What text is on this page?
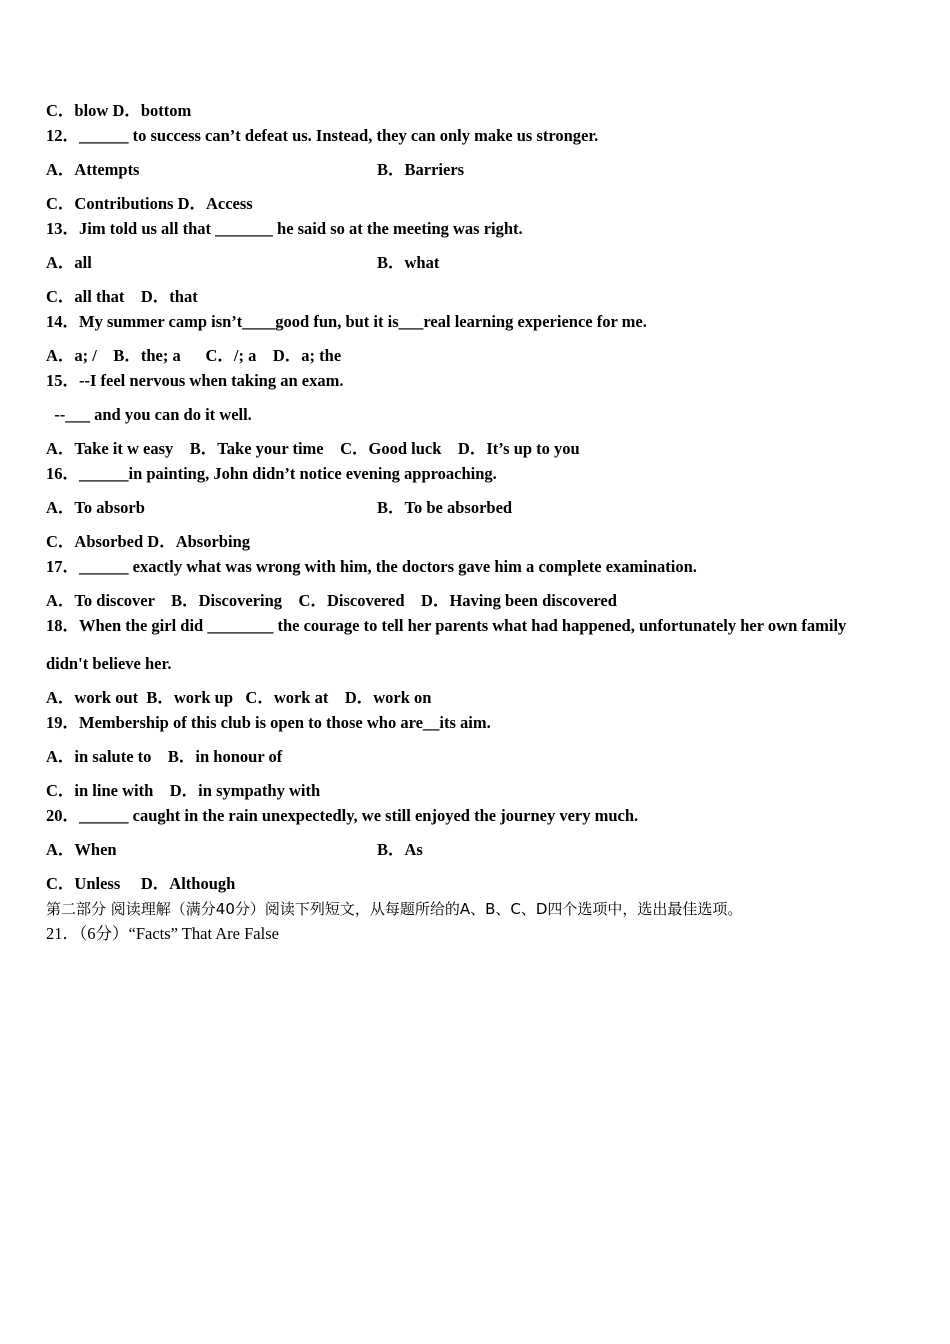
C．blow D．bottom
12．______ to success can’t defeat us. Instead, they can only make us stronger.
A．Attempts	B．Barriers
C．Contributions D．Access
13．Jim told us all that _______ he said so at the meeting was right.
A．all	B．what
C．all that    D．that
14．My summer camp isn’t____good fun, but it is___real learning experience for me.
A．a; /    B．the; a      C．/; a    D．a; the
15．--I feel nervous when taking an exam.
--___ and you can do it well.
A．Take it w easy    B．Take your time    C．Good luck    D．It’s up to you
16．______in painting, John didn’t notice evening approaching.
A．To absorb	B．To be absorbed
C．Absorbed D．Absorbing
17．______ exactly what was wrong with him, the doctors gave him a complete examination.
A．To discover    B．Discovering    C．Discovered    D．Having been discovered
18．When the girl did ________ the courage to tell her parents what had happened, unfortunately her own family
didn't believe her.
A．work out  B．work up   C．work at    D．work on
19．Membership of this club is open to those who are__its aim.
A．in salute to    B．in honour of
C．in line with    D．in sympathy with
20．______ caught in the rain unexpectedly, we still enjoyed the journey very much.
A．When	B．As
C．Unless     D．Although
第二部分 阅读理解（满分40分）阅读下列短文，从每题所给的A、B、C、D四个选项中，选出最佳选项。
21．（6分）“Facts” That Are False
